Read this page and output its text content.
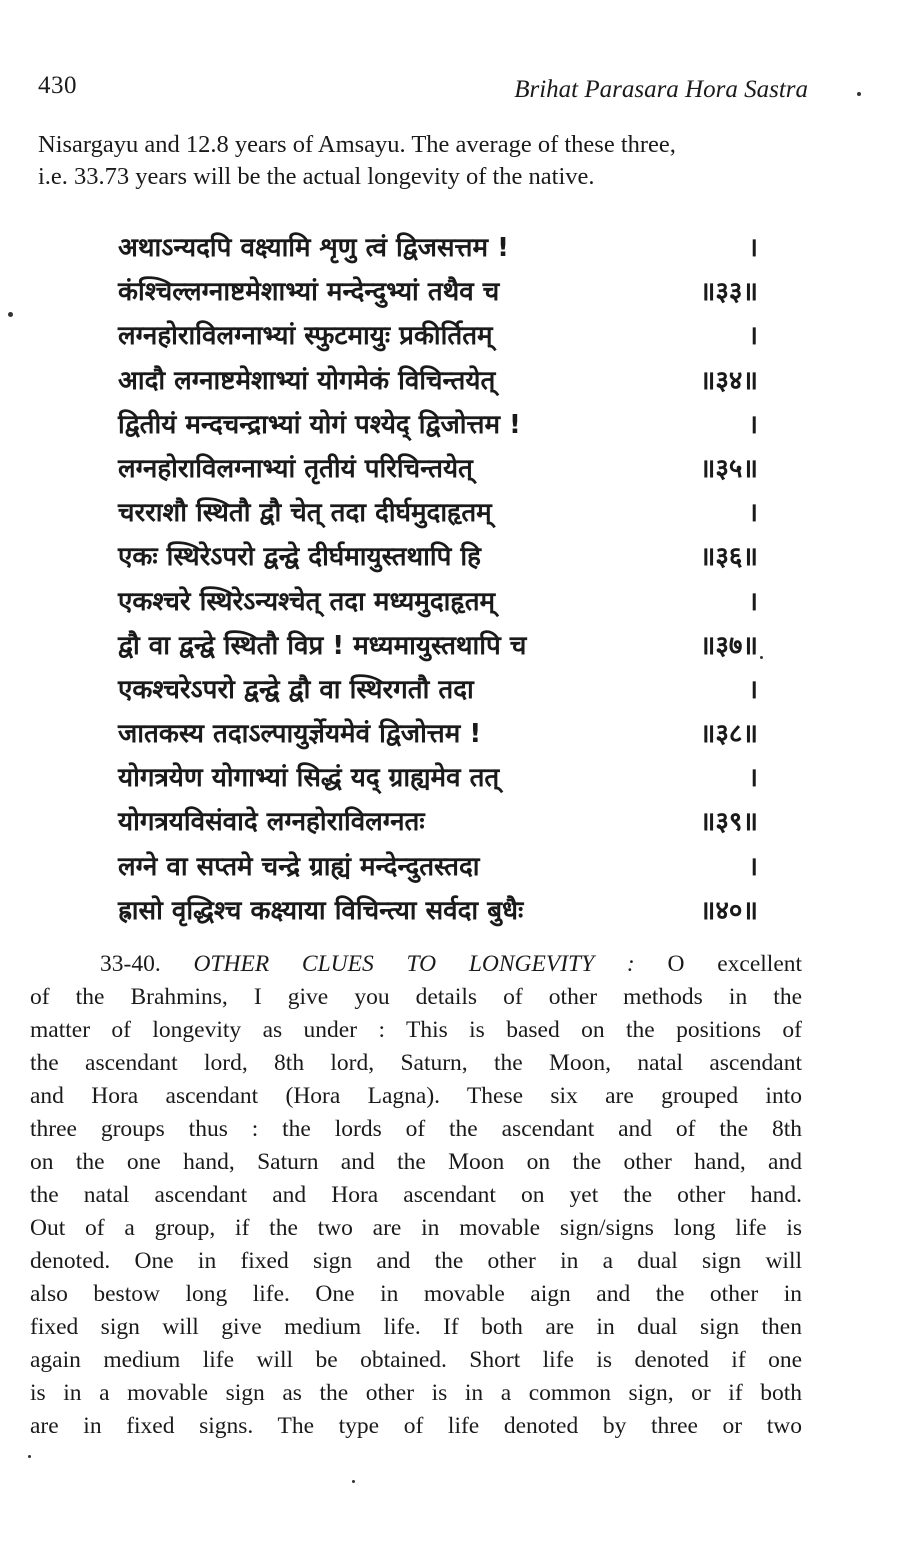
430	Brihat Parasara Hora Sastra
Nisargayu and 12.8 years of Amsayu. The average of these three,
i.e. 33.73 years will be the actual longevity of the native.
अथाऽन्यदपि वक्ष्यामि शृणु त्वं द्विजसत्तम !	।
कंश्चिल्लग्नाष्टमेशाभ्यां मन्देन्दुभ्यां तथैव च	॥३३॥
लग्नहोराविलग्नाभ्यां स्फुटमायुः प्रकीर्तितम्	।
आदौ लग्नाष्टमेशाभ्यां योगमेकं विचिन्तयेत्	॥३४॥
द्वितीयं मन्दचन्द्राभ्यां योगं पश्येद् द्विजोत्तम !	।
लग्नहोराविलग्नाभ्यां तृतीयं परिचिन्तयेत्	॥३५॥
चरराशौ स्थितौ द्वौ चेत् तदा दीर्घमुदाहृतम्	।
एकः स्थिरेऽपरो द्वन्द्वे दीर्घमायुस्तथापि हि	॥३६॥
एकश्चरे स्थिरेऽन्यश्चेत् तदा मध्यमुदाहृतम्	।
द्वौ वा द्वन्द्वे स्थितौ विप्र ! मध्यमायुस्तथापि च	॥३७॥
एकश्चरेऽपरो द्वन्द्वे द्वौ वा स्थिरगतौ तदा	।
जातकस्य तदाऽल्पायुर्ज्ञेयमेवं द्विजोत्तम !	॥३८॥
योगत्रयेण योगाभ्यां सिद्धं यद् ग्राह्यमेव तत्	।
योगत्रयविसंवादे लग्नहोराविलग्नतः	॥३९॥
लग्ने वा सप्तमे चन्द्रे ग्राह्यं मन्देन्दुतस्तदा	।
ह्रासो वृद्धिश्च कक्ष्याया विचिन्त्या सर्वदा बुधैः	॥४०॥
33-40. OTHER CLUES TO LONGEVITY : O excellent
of the Brahmins, I give you details of other methods in the
matter of longevity as under : This is based on the positions of
the ascendant lord, 8th lord, Saturn, the Moon, natal ascendant
and Hora ascendant (Hora Lagna). These six are grouped into
three groups thus : the lords of the ascendant and of the 8th
on the one hand, Saturn and the Moon on the other hand, and
the natal ascendant and Hora ascendant on yet the other hand.
Out of a group, if the two are in movable sign/signs long life is
denoted. One in fixed sign and the other in a dual sign will
also bestow long life. One in movable aign and the other in
fixed sign will give medium life. If both are in dual sign then
again medium life will be obtained. Short life is denoted if one
is in a movable sign as the other is in a common sign, or if both
are in fixed signs. The type of life denoted by three or two
